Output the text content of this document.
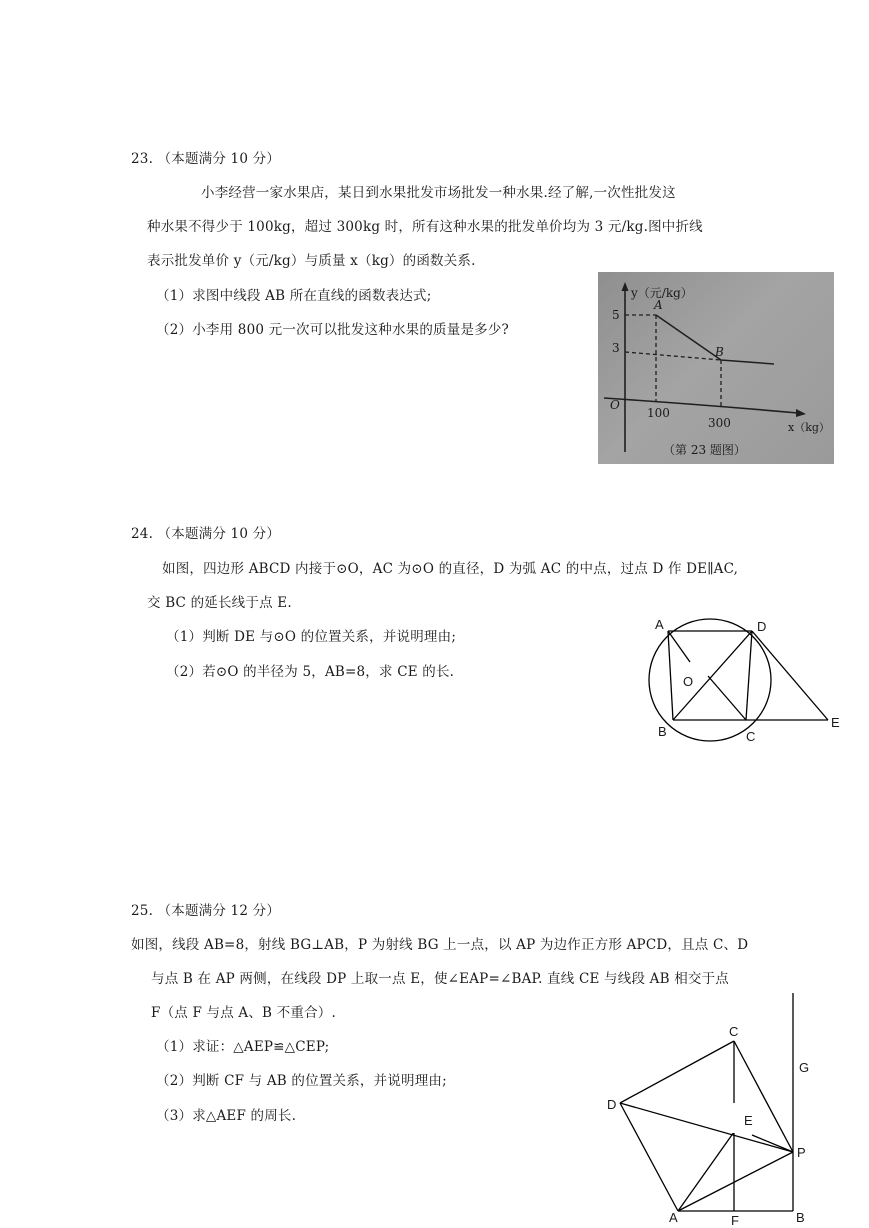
23. （本题满分 10 分）
小李经营一家水果店，某日到水果批发市场批发一种水果.经了解,一次性批发这
种水果不得少于 100kg，超过 300kg 时，所有这种水果的批发单价均为 3 元/kg.图中折线
表示批发单价 y（元/kg）与质量 x（kg）的函数关系.
（1）求图中线段 AB 所在直线的函数表达式;
（2）小李用 800 元一次可以批发这种水果的质量是多少?
y（元/kg）
5
3
O
A
B
100
300	x（kg）
（第 23 题图）
24. （本题满分 10 分）
如图，四边形 ABCD 内接于⊙O，AC 为⊙O 的直径，D 为弧 AC 的中点，过点 D 作 DE∥AC,
交 BC 的延长线于点 E.
（1）判断 DE 与⊙O 的位置关系，并说明理由;
（2）若⊙O 的半径为 5，AB=8，求 CE 的长.
A	D
O
B	C
E
25. （本题满分 12 分）
如图，线段 AB=8，射线 BG⊥AB，P 为射线 BG 上一点，以 AP 为边作正方形 APCD，且点 C、D
与点 B 在 AP 两侧，在线段 DP 上取一点 E，使∠EAP=∠BAP. 直线 CE 与线段 AB 相交于点
F（点 F 与点 A、B 不重合）.
（1）求证：△AEP≌△CEP;
（2）判断 CF 与 AB 的位置关系，并说明理由;
（3）求△AEF 的周长.
C
G
D
E
P
A	F	B
